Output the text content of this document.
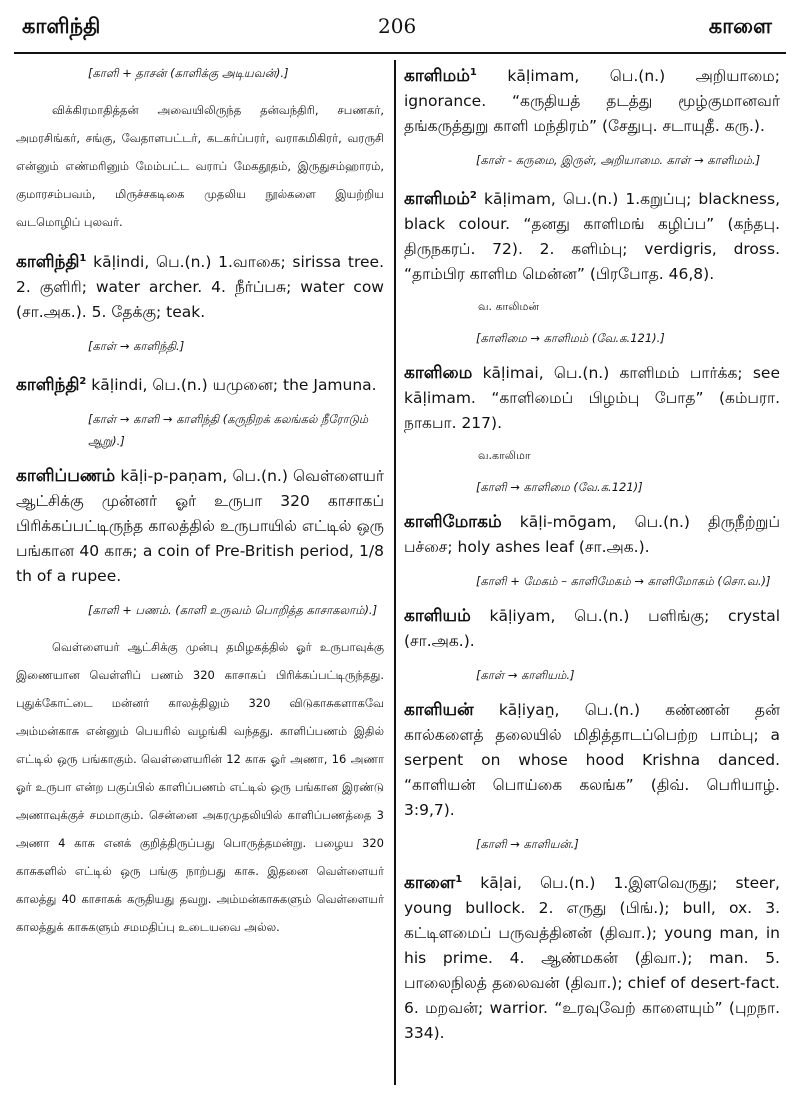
காளிந்தி	206	காளை
[காளி + தாசன் (காளிக்கு அடியவன்).]
விக்கிரமாதித்தன் அவையிலிருந்த தன்வந்திரி, சபணகர், அமரசிங்கர், சங்கு, வேதாளபட்டர், கடகர்ப்பரர், வராகமிகிரர், வரருசி என்னும் எண்மரினும் மேம்பட்ட வராப் மேகதூதம், இருதுசம்ஹாரம், குமாரசம்பவம், மிருச்சகடிகை முதலிய நூல்களை இயற்றிய வடமொழிப் புலவர்.
காளிந்தி$^1$ kāḷindi, பெ.(n.) 1.வாகை; sirissa tree. 2. குளிரி; water archer. 4. நீர்ப்பசு; water cow (சா.அக.). 5. தேக்கு; teak.
[காள் → காளிந்தி.]
காளிந்தி$^2$ kāḷindi, பெ.(n.) யமுனை; the Jamuna.
[காள் → காளி → காளிந்தி (கருநிறக் கலங்கல் நீரோடும் ஆறு).]
காளிப்பணம் kāḷi-p-paṇam, பெ.(n.) வெள்ளையர் ஆட்சிக்கு முன்னர் ஓர் உருபா 320 காசாகப் பிரிக்கப்பட்டிருந்த காலத்தில் உருபாயில் எட்டில் ஒரு பங்கான 40 காசு; a coin of Pre-British period, 1/8 th of a rupee.
[காளி + பணம். (காளி உருவம் பொறித்த காசாகலாம்).]
வெள்ளையர் ஆட்சிக்கு முன்பு தமிழகத்தில் ஓர் உருபாவுக்கு இணையான வெள்ளிப் பணம் 320 காசாகப் பிரிக்கப்பட்டிருந்தது. புதுக்கோட்டை மன்னர் காலத்திலும் 320 விடுகாசுகளாகவே அம்மன்காசு என்னும் பெயரில் வழங்கி வந்தது. காளிப்பணம் இதில் எட்டில் ஒரு பங்காகும். வெள்ளையரின் 12 காசு ஓர் அணா, 16 அணா ஓர் உருபா என்ற பகுப்பில் காளிப்பணம் எட்டில் ஒரு பங்கான இரண்டு அணாவுக்குச் சமமாகும். சென்னை அகரமுதலியில் காளிப்பணத்தை 3 அணா 4 காசு எனக் குறித்திருப்பது பொருத்தமன்று. பழைய 320 காசுகளில் எட்டில் ஒரு பங்கு நாற்பது காசு. இதனை வெள்ளையர் காலத்து 40 காசாகக் கருதியது தவறு. அம்மன்காசுகளும் வெள்ளையர் காலத்துக் காசுகளும் சமமதிப்பு உடையவை அல்ல.
காளிமம்$^1$ kāḷimam, பெ.(n.) அறியாமை; ignorance. “கருதியத் தடத்து மூழ்குமானவர் தங்கருத்துறு காளி மந்திரம்” (சேதுபு. சடாயுதீ. கரு.).
[காள் - கருமை, இருள், அறியாமை. காள் → காளிமம்.]
காளிமம்$^2$ kāḷimam, பெ.(n.) 1.கறுப்பு; blackness, black colour. “தனது காளிமங் கழிப்ப” (கந்தபு. திருநகரப். 72). 2. களிம்பு; verdigris, dross. “தாம்பிர காளிம மென்ன” (பிரபோத. 46,8).
வ. காலிமன்
[காளிமை → காளிமம் (வே.க.121).]
காளிமை kāḷimai, பெ.(n.) காளிமம் பார்க்க; see kāḷimam. “காளிமைப் பிழம்பு போத” (கம்பரா. நாகபா. 217).
வ.காலிமா
[காளி → காளிமை (வே.க.121)]
காளிமோகம் kāḷi-mōgam, பெ.(n.) திருநீற்றுப் பச்சை; holy ashes leaf (சா.அக.).
[காளி + மேகம் – காளிமேகம் → காளிமோகம் (சொ.வ.)]
காளியம் kāḷiyam, பெ.(n.) பளிங்கு; crystal (சா.அக.).
[காள் → காளியம்.]
காளியன் kāḷiyaṉ, பெ.(n.) கண்ணன் தன் கால்களைத் தலையில் மிதித்தாடப்பெற்ற பாம்பு; a serpent on whose hood Krishna danced. “காளியன் பொய்கை கலங்க” (திவ். பெரியாழ். 3:9,7).
[காளி → காளியன்.]
காளை$^1$ kāḷai, பெ.(n.) 1.இளவெருது; steer, young bullock. 2. எருது (பிங்.); bull, ox. 3. கட்டிளமைப் பருவத்தினன் (திவா.); young man, in his prime. 4. ஆண்மகன் (திவா.); man. 5. பாலைநிலத் தலைவன் (திவா.); chief of desert-fact. 6. மறவன்; warrior. “உரவுவேற் காளையும்” (புறநா. 334).
